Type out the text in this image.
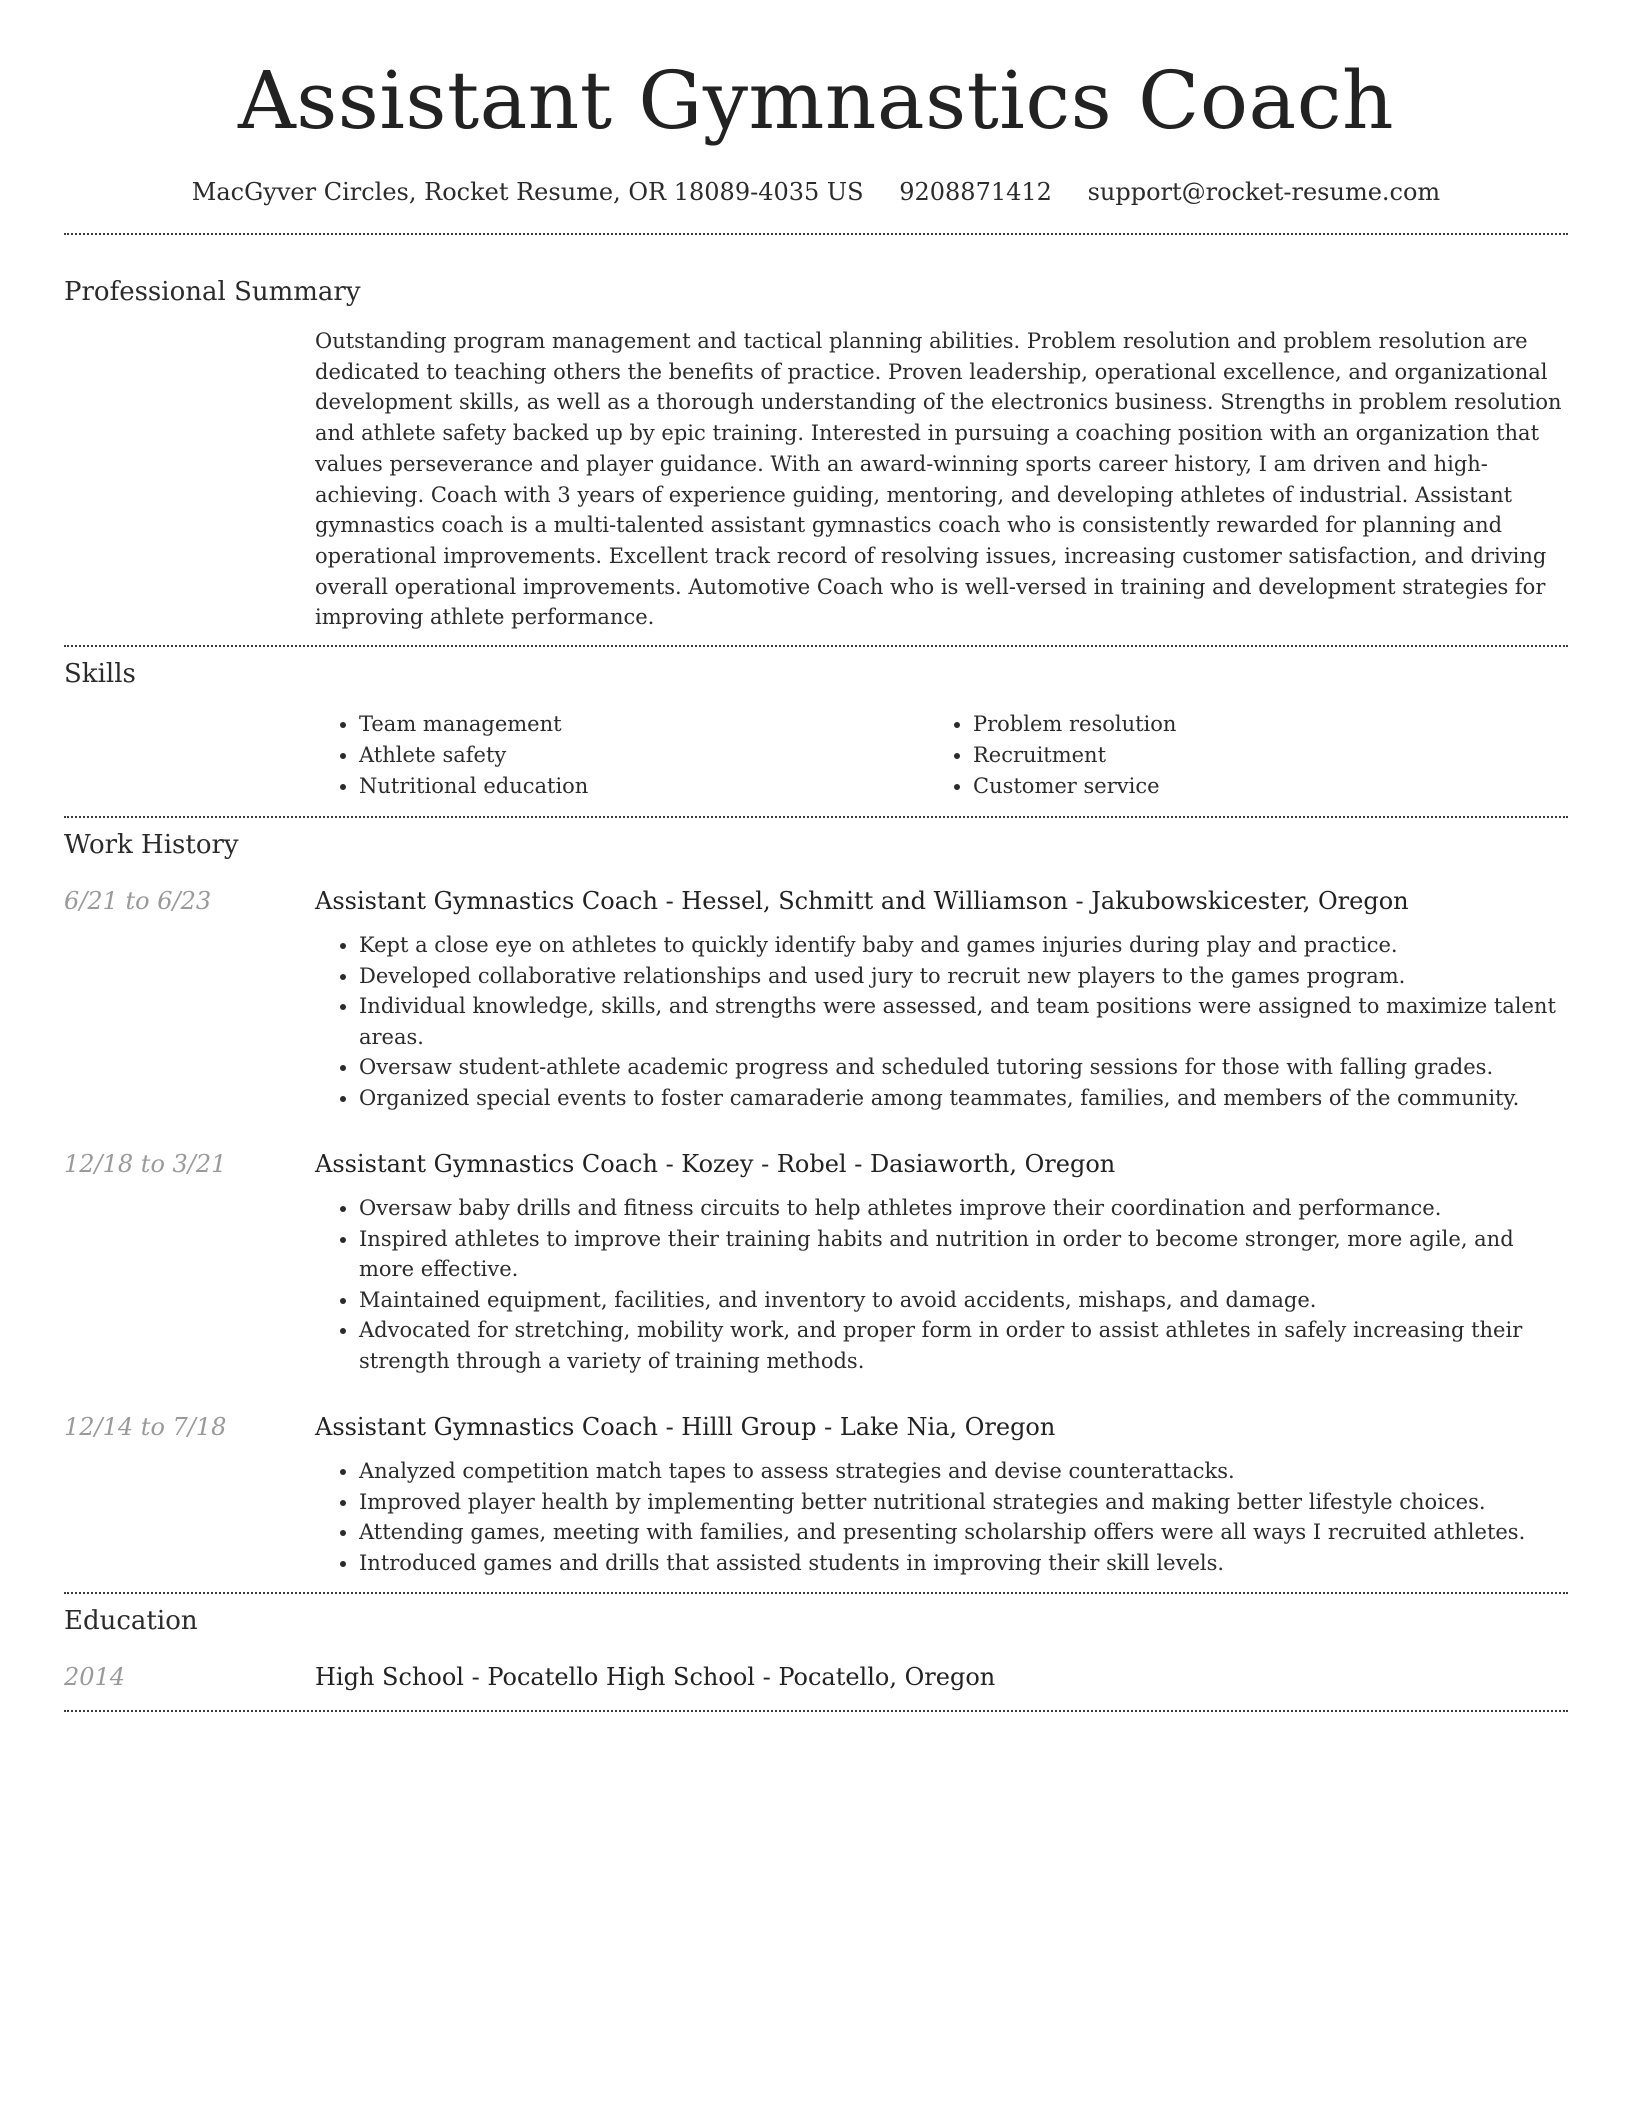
Assistant Gymnastics Coach
MacGyver Circles, Rocket Resume, OR 18089-4035 US 9208871412 support@rocket-resume.com
Professional Summary

Outstanding program management and tactical planning abilities. Problem resolution and problem resolution are dedicated to teaching others the benefits of practice. Proven leadership, operational excellence, and organizational development skills, as well as a thorough understanding of the electronics business. Strengths in problem resolution and athlete safety backed up by epic training. Interested in pursuing a coaching position with an organization that values perseverance and player guidance. With an award-winning sports career history, I am driven and high-achieving. Coach with 3 years of experience guiding, mentoring, and developing athletes of industrial. Assistant gymnastics coach is a multi-talented assistant gymnastics coach who is consistently rewarded for planning and operational improvements. Excellent track record of resolving issues, increasing customer satisfaction, and driving overall operational improvements. Automotive Coach who is well-versed in training and development strategies for improving athlete performance.

Skills
• Team management
• Athlete safety
• Nutritional education
• Problem resolution
• Recruitment
• Customer service
Work History
6/21 to 6/23	Assistant Gymnastics Coach - Hessel, Schmitt and Williamson - Jakubowskicester, Oregon
• Kept a close eye on athletes to quickly identify baby and games injuries during play and practice.
• Developed collaborative relationships and used jury to recruit new players to the games program.
• Individual knowledge, skills, and strengths were assessed, and team positions were assigned to maximize talent areas.
• Oversaw student-athlete academic progress and scheduled tutoring sessions for those with falling grades.
• Organized special events to foster camaraderie among teammates, families, and members of the community.
12/18 to 3/21	Assistant Gymnastics Coach - Kozey - Robel - Dasiaworth, Oregon
• Oversaw baby drills and fitness circuits to help athletes improve their coordination and performance.
• Inspired athletes to improve their training habits and nutrition in order to become stronger, more agile, and more effective.
• Maintained equipment, facilities, and inventory to avoid accidents, mishaps, and damage.
• Advocated for stretching, mobility work, and proper form in order to assist athletes in safely increasing their strength through a variety of training methods.
12/14 to 7/18	Assistant Gymnastics Coach - Hilll Group - Lake Nia, Oregon
• Analyzed competition match tapes to assess strategies and devise counterattacks.
• Improved player health by implementing better nutritional strategies and making better lifestyle choices.
• Attending games, meeting with families, and presenting scholarship offers were all ways I recruited athletes.
• Introduced games and drills that assisted students in improving their skill levels.
Education
2014	High School - Pocatello High School - Pocatello, Oregon
